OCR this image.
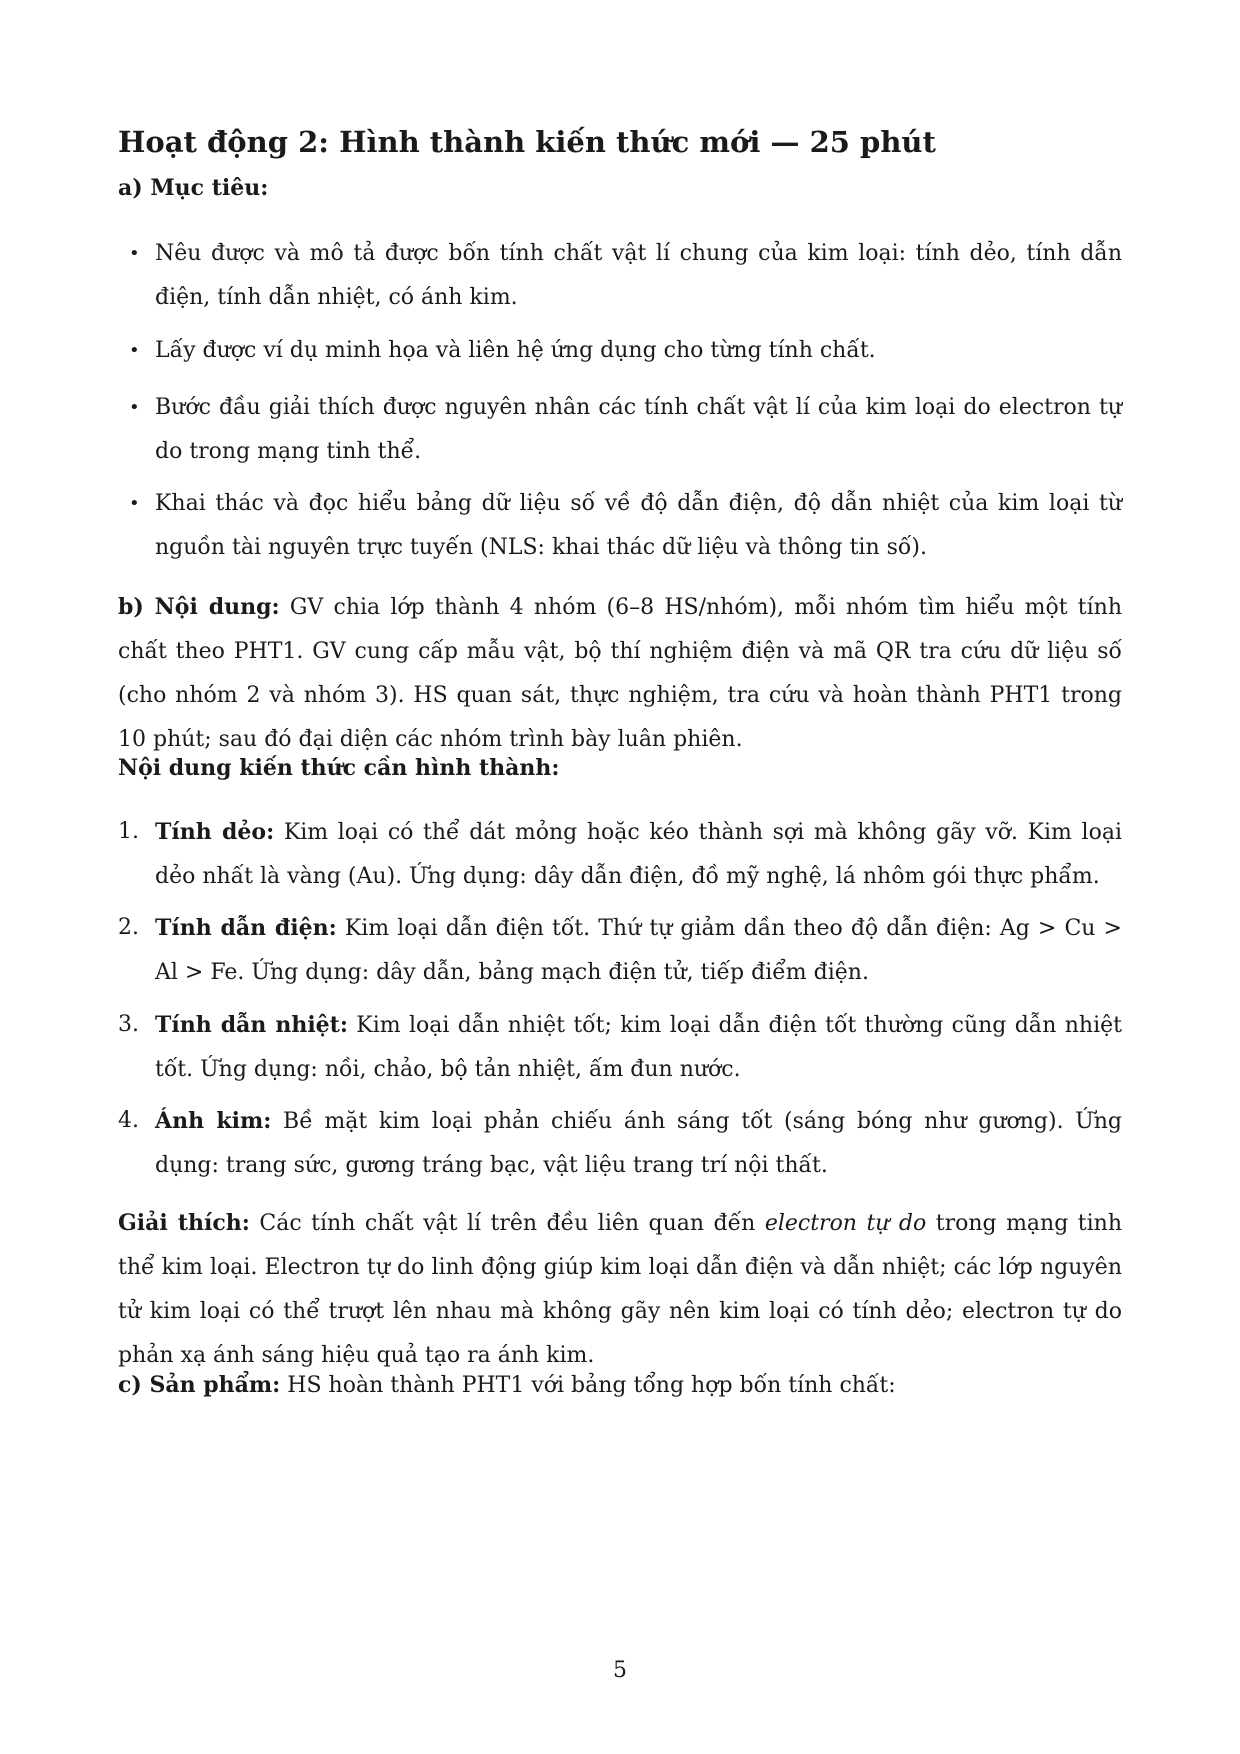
Hoạt động 2: Hình thành kiến thức mới — 25 phút

a) Mục tiêu:

• Nêu được và mô tả được bốn tính chất vật lí chung của kim loại: tính dẻo, tính dẫn điện, tính dẫn nhiệt, có ánh kim.
• Lấy được ví dụ minh họa và liên hệ ứng dụng cho từng tính chất.
• Bước đầu giải thích được nguyên nhân các tính chất vật lí của kim loại do electron tự do trong mạng tinh thể.
• Khai thác và đọc hiểu bảng dữ liệu số về độ dẫn điện, độ dẫn nhiệt của kim loại từ nguồn tài nguyên trực tuyến (NLS: khai thác dữ liệu và thông tin số).

b) Nội dung: GV chia lớp thành 4 nhóm (6–8 HS/nhóm), mỗi nhóm tìm hiểu một tính chất theo PHT1. GV cung cấp mẫu vật, bộ thí nghiệm điện và mã QR tra cứu dữ liệu số (cho nhóm 2 và nhóm 3). HS quan sát, thực nghiệm, tra cứu và hoàn thành PHT1 trong 10 phút; sau đó đại diện các nhóm trình bày luân phiên.

Nội dung kiến thức cần hình thành:

1. Tính dẻo: Kim loại có thể dát mỏng hoặc kéo thành sợi mà không gãy vỡ. Kim loại dẻo nhất là vàng (Au). Ứng dụng: dây dẫn điện, đồ mỹ nghệ, lá nhôm gói thực phẩm.
2. Tính dẫn điện: Kim loại dẫn điện tốt. Thứ tự giảm dần theo độ dẫn điện: Ag > Cu > Al > Fe. Ứng dụng: dây dẫn, bảng mạch điện tử, tiếp điểm điện.
3. Tính dẫn nhiệt: Kim loại dẫn nhiệt tốt; kim loại dẫn điện tốt thường cũng dẫn nhiệt tốt. Ứng dụng: nồi, chảo, bộ tản nhiệt, ấm đun nước.
4. Ánh kim: Bề mặt kim loại phản chiếu ánh sáng tốt (sáng bóng như gương). Ứng dụng: trang sức, gương tráng bạc, vật liệu trang trí nội thất.

Giải thích: Các tính chất vật lí trên đều liên quan đến electron tự do trong mạng tinh thể kim loại. Electron tự do linh động giúp kim loại dẫn điện và dẫn nhiệt; các lớp nguyên tử kim loại có thể trượt lên nhau mà không gãy nên kim loại có tính dẻo; electron tự do phản xạ ánh sáng hiệu quả tạo ra ánh kim.

c) Sản phẩm: HS hoàn thành PHT1 với bảng tổng hợp bốn tính chất:

5
